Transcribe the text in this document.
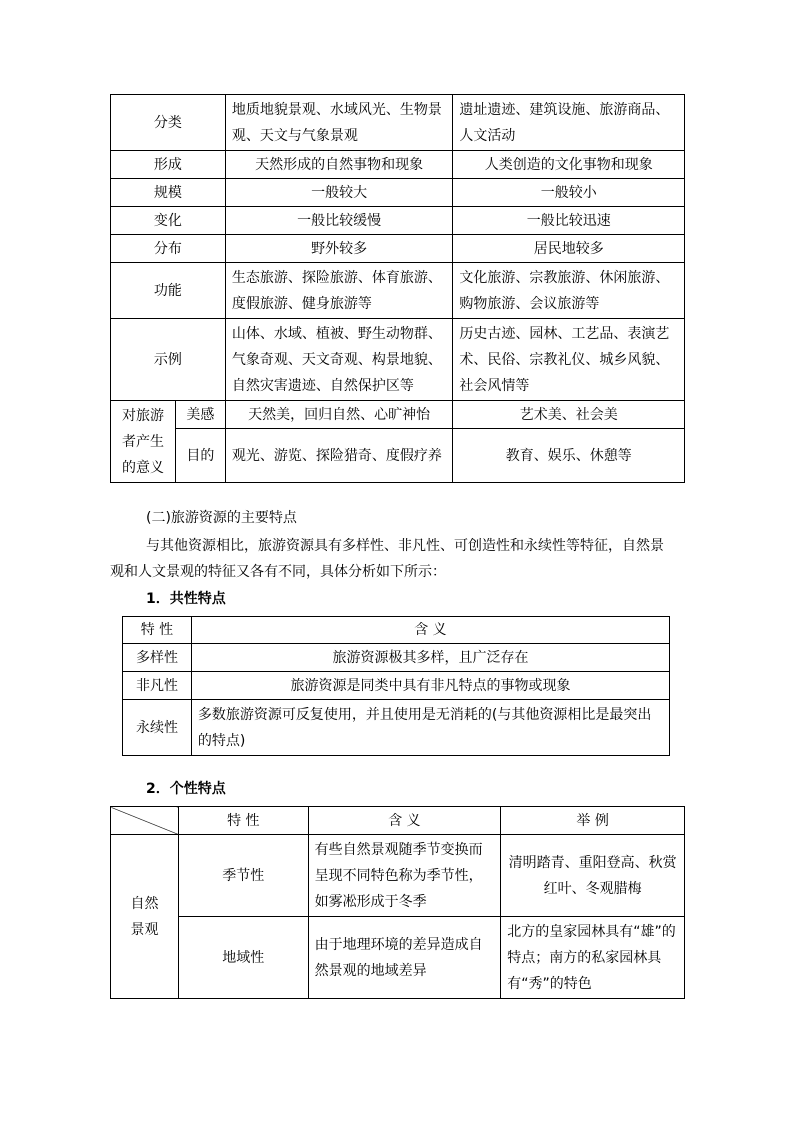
分类		地质地貌景观、水域风光、生物景观、天文与气象景观	遗址遗迹、建筑设施、旅游商品、人文活动
形成		天然形成的自然事物和现象	人类创造的文化事物和现象
规模		一般较大	一般较小
变化		一般比较缓慢	一般比较迅速
分布		野外较多	居民地较多
功能		生态旅游、探险旅游、体育旅游、度假旅游、健身旅游等	文化旅游、宗教旅游、休闲旅游、购物旅游、会议旅游等
示例		山体、水域、植被、野生动物群、气象奇观、天文奇观、构景地貌、自然灾害遗迹、自然保护区等	历史古迹、园林、工艺品、表演艺术、民俗、宗教礼仪、城乡风貌、社会风情等
对旅游者产生的意义	美感	天然美，回归自然、心旷神怡	艺术美、社会美
	目的	观光、游览、探险猎奇、度假疗养	教育、娱乐、休憩等
(二)旅游资源的主要特点
与其他资源相比，旅游资源具有多样性、非凡性、可创造性和永续性等特征，自然景
观和人文景观的特征又各有不同，具体分析如下所示：
1．共性特点
特 性	含 义
多样性	旅游资源极其多样，且广泛存在
非凡性	旅游资源是同类中具有非凡特点的事物或现象
永续性	多数旅游资源可反复使用，并且使用是无消耗的(与其他资源相比是最突出的特点)
2．个性特点
	特 性	含 义	举 例
自然景观	季节性	有些自然景观随季节变换而呈现不同特色称为季节性，如雾凇形成于冬季	清明踏青、重阳登高、秋赏红叶、冬观腊梅
	地域性	由于地理环境的差异造成自然景观的地域差异	北方的皇家园林具有“雄”的特点；南方的私家园林具有“秀”的特色
